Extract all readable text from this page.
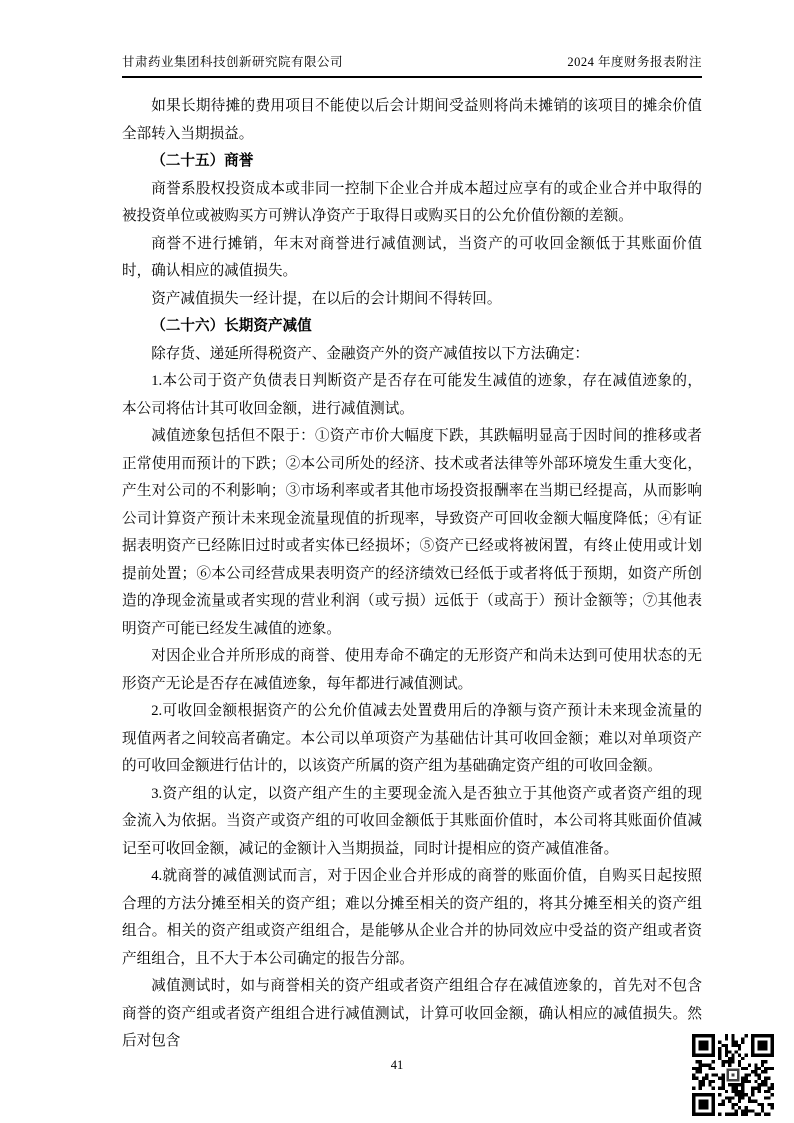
甘肃药业集团科技创新研究院有限公司	2024 年度财务报表附注

如果长期待摊的费用项目不能使以后会计期间受益则将尚未摊销的该项目的摊余价值全部转入当期损益。

（二十五）商誉

商誉系股权投资成本或非同一控制下企业合并成本超过应享有的或企业合并中取得的被投资单位或被购买方可辨认净资产于取得日或购买日的公允价值份额的差额。

商誉不进行摊销，年末对商誉进行减值测试，当资产的可收回金额低于其账面价值时，确认相应的减值损失。

资产减值损失一经计提，在以后的会计期间不得转回。

（二十六）长期资产减值

除存货、递延所得税资产、金融资产外的资产减值按以下方法确定：

1.本公司于资产负债表日判断资产是否存在可能发生减值的迹象，存在减值迹象的，本公司将估计其可收回金额，进行减值测试。

减值迹象包括但不限于：①资产市价大幅度下跌，其跌幅明显高于因时间的推移或者正常使用而预计的下跌；②本公司所处的经济、技术或者法律等外部环境发生重大变化，产生对公司的不利影响；③市场利率或者其他市场投资报酬率在当期已经提高，从而影响公司计算资产预计未来现金流量现值的折现率，导致资产可回收金额大幅度降低；④有证据表明资产已经陈旧过时或者实体已经损坏；⑤资产已经或将被闲置，有终止使用或计划提前处置；⑥本公司经营成果表明资产的经济绩效已经低于或者将低于预期，如资产所创造的净现金流量或者实现的营业利润（或亏损）远低于（或高于）预计金额等；⑦其他表明资产可能已经发生减值的迹象。

对因企业合并所形成的商誉、使用寿命不确定的无形资产和尚未达到可使用状态的无形资产无论是否存在减值迹象，每年都进行减值测试。

2.可收回金额根据资产的公允价值减去处置费用后的净额与资产预计未来现金流量的现值两者之间较高者确定。本公司以单项资产为基础估计其可收回金额；难以对单项资产的可收回金额进行估计的，以该资产所属的资产组为基础确定资产组的可收回金额。

3.资产组的认定，以资产组产生的主要现金流入是否独立于其他资产或者资产组的现金流入为依据。当资产或资产组的可收回金额低于其账面价值时，本公司将其账面价值减记至可收回金额，减记的金额计入当期损益，同时计提相应的资产减值准备。

4.就商誉的减值测试而言，对于因企业合并形成的商誉的账面价值，自购买日起按照合理的方法分摊至相关的资产组；难以分摊至相关的资产组的，将其分摊至相关的资产组组合。相关的资产组或资产组组合，是能够从企业合并的协同效应中受益的资产组或者资产组组合，且不大于本公司确定的报告分部。

减值测试时，如与商誉相关的资产组或者资产组组合存在减值迹象的，首先对不包含商誉的资产组或者资产组组合进行减值测试，计算可收回金额，确认相应的减值损失。然后对包含

41
